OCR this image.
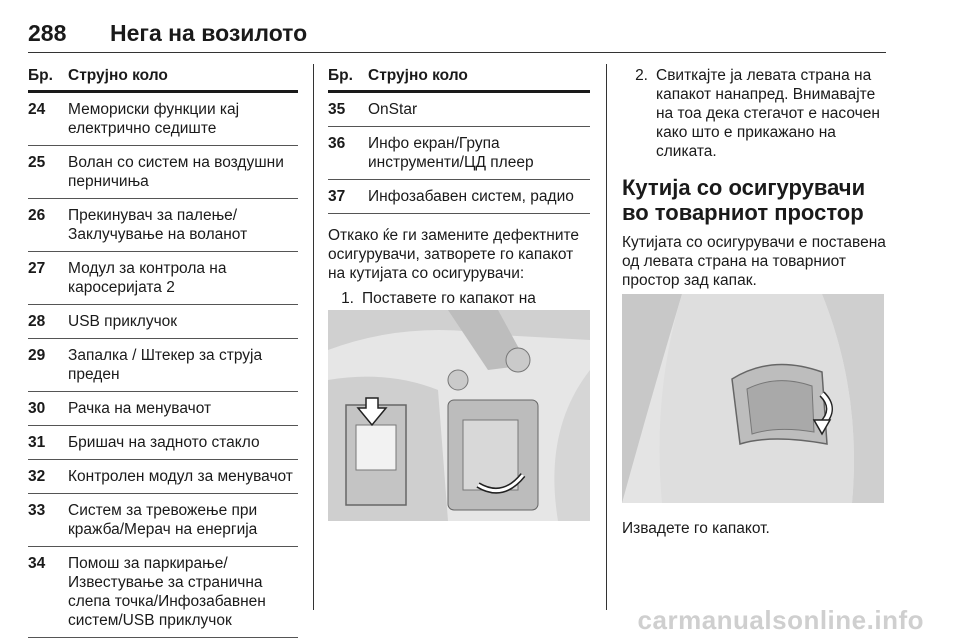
288 Нега на возилото
Бр. Струјно коло
24	Мемориски функции кај електрично седиште
25	Волан со систем на воздушни перничиња
26	Прекинувач за палење/ Заклучување на воланот
27	Модул за контрола на каросеријата 2
28	USB приклучок
29	Запалка / Штекер за струја преден
30	Рачка на менувачот
31	Бришач на задното стакло
32	Контролен модул за менувачот
33	Систем за тревожење при кражба/Мерач на енергија
34	Помош за паркирање/ Известување за странична слепа точка/Инфозабавнен систем/USB приклучок
Бр. Струјно коло
35	OnStar
36	Инфо екран/Група инструменти/ЦД плеер
37	Инфозабавен систем, радио

Откако ќе ги замените дефектните осигурувачи, затворете го капакот на кутијата со осигурувачи:

1. Поставете го капакот на
2. Свиткајте ја левата страна на капакот нанапред. Внимавајте на тоа дека стегачот е насочен како што е прикажано на сликата.
Кутија со осигурувачи во товарниот простор

Кутијата со осигурувачи е поставена од левата страна на товарниот простор зад капак.

Извадете го капакот.
carmanualsonline.info
